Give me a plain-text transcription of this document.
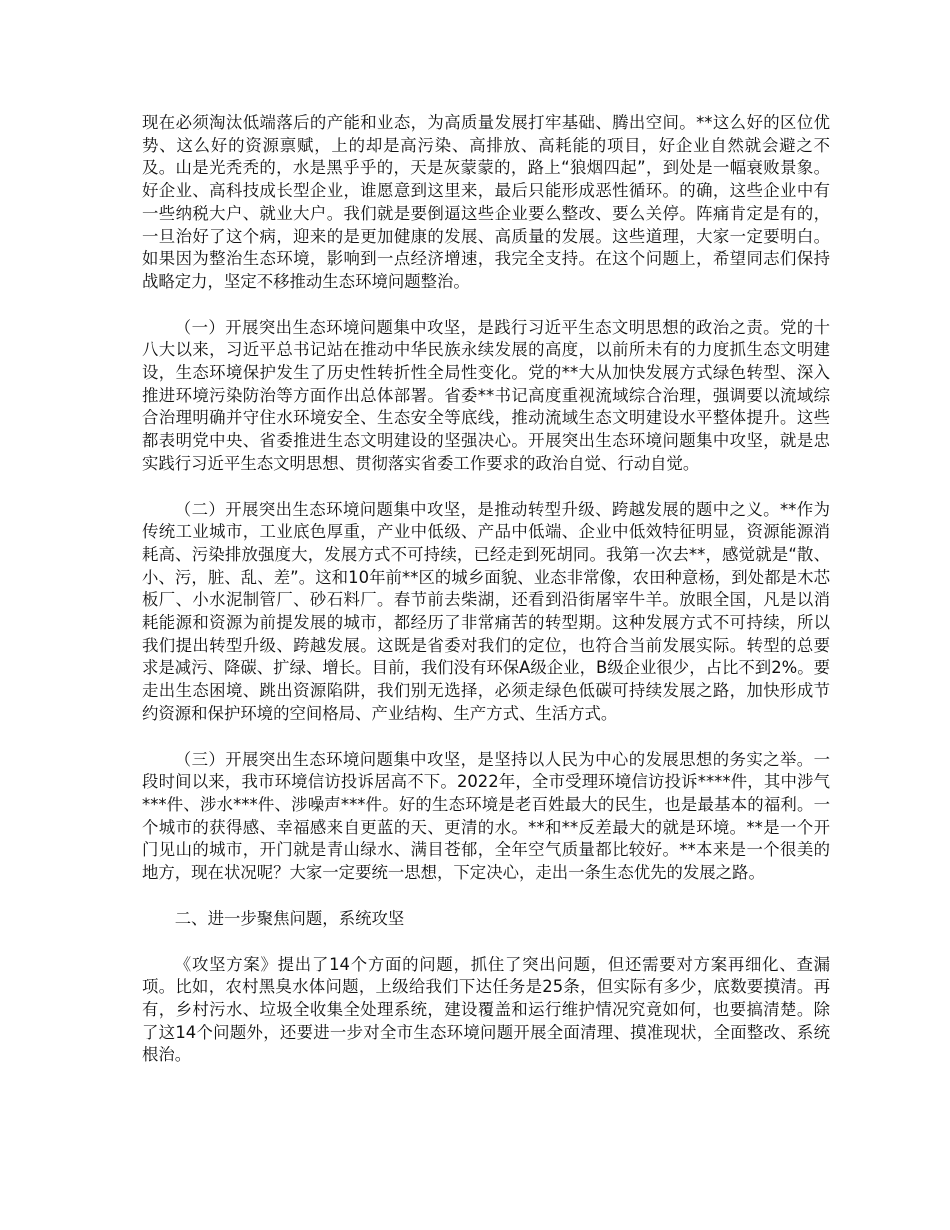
现在必须淘汰低端落后的产能和业态，为高质量发展打牢基础、腾出空间。**这么好的区位优势、这么好的资源禀赋，上的却是高污染、高排放、高耗能的项目，好企业自然就会避之不及。山是光秃秃的，水是黑乎乎的，天是灰蒙蒙的，路上“狼烟四起”，到处是一幅衰败景象。好企业、高科技成长型企业，谁愿意到这里来，最后只能形成恶性循环。的确，这些企业中有一些纳税大户、就业大户。我们就是要倒逼这些企业要么整改、要么关停。阵痛肯定是有的，一旦治好了这个病，迎来的是更加健康的发展、高质量的发展。这些道理，大家一定要明白。如果因为整治生态环境，影响到一点经济增速，我完全支持。在这个问题上，希望同志们保持战略定力，坚定不移推动生态环境问题整治。

（一）开展突出生态环境问题集中攻坚，是践行习近平生态文明思想的政治之责。党的十八大以来，习近平总书记站在推动中华民族永续发展的高度，以前所未有的力度抓生态文明建设，生态环境保护发生了历史性转折性全局性变化。党的**大从加快发展方式绿色转型、深入推进环境污染防治等方面作出总体部署。省委**书记高度重视流域综合治理，强调要以流域综合治理明确并守住水环境安全、生态安全等底线，推动流域生态文明建设水平整体提升。这些都表明党中央、省委推进生态文明建设的坚强决心。开展突出生态环境问题集中攻坚，就是忠实践行习近平生态文明思想、贯彻落实省委工作要求的政治自觉、行动自觉。

（二）开展突出生态环境问题集中攻坚，是推动转型升级、跨越发展的题中之义。**作为传统工业城市，工业底色厚重，产业中低级、产品中低端、企业中低效特征明显，资源能源消耗高、污染排放强度大，发展方式不可持续，已经走到死胡同。我第一次去**，感觉就是“散、小、污，脏、乱、差”。这和10年前**区的城乡面貌、业态非常像，农田种意杨，到处都是木芯板厂、小水泥制管厂、砂石料厂。春节前去柴湖，还看到沿街屠宰牛羊。放眼全国，凡是以消耗能源和资源为前提发展的城市，都经历了非常痛苦的转型期。这种发展方式不可持续，所以我们提出转型升级、跨越发展。这既是省委对我们的定位，也符合当前发展实际。转型的总要求是减污、降碳、扩绿、增长。目前，我们没有环保A级企业，B级企业很少，占比不到2%。要走出生态困境、跳出资源陷阱，我们别无选择，必须走绿色低碳可持续发展之路，加快形成节约资源和保护环境的空间格局、产业结构、生产方式、生活方式。

（三）开展突出生态环境问题集中攻坚，是坚持以人民为中心的发展思想的务实之举。一段时间以来，我市环境信访投诉居高不下。2022年，全市受理环境信访投诉****件，其中涉气***件、涉水***件、涉噪声***件。好的生态环境是老百姓最大的民生，也是最基本的福利。一个城市的获得感、幸福感来自更蓝的天、更清的水。**和**反差最大的就是环境。**是一个开门见山的城市，开门就是青山绿水、满目苍郁，全年空气质量都比较好。**本来是一个很美的地方，现在状况呢？大家一定要统一思想，下定决心，走出一条生态优先的发展之路。

二、进一步聚焦问题，系统攻坚

《攻坚方案》提出了14个方面的问题，抓住了突出问题，但还需要对方案再细化、查漏项。比如，农村黑臭水体问题，上级给我们下达任务是25条，但实际有多少，底数要摸清。再有，乡村污水、垃圾全收集全处理系统，建设覆盖和运行维护情况究竟如何，也要搞清楚。除了这14个问题外，还要进一步对全市生态环境问题开展全面清理、摸准现状，全面整改、系统根治。
